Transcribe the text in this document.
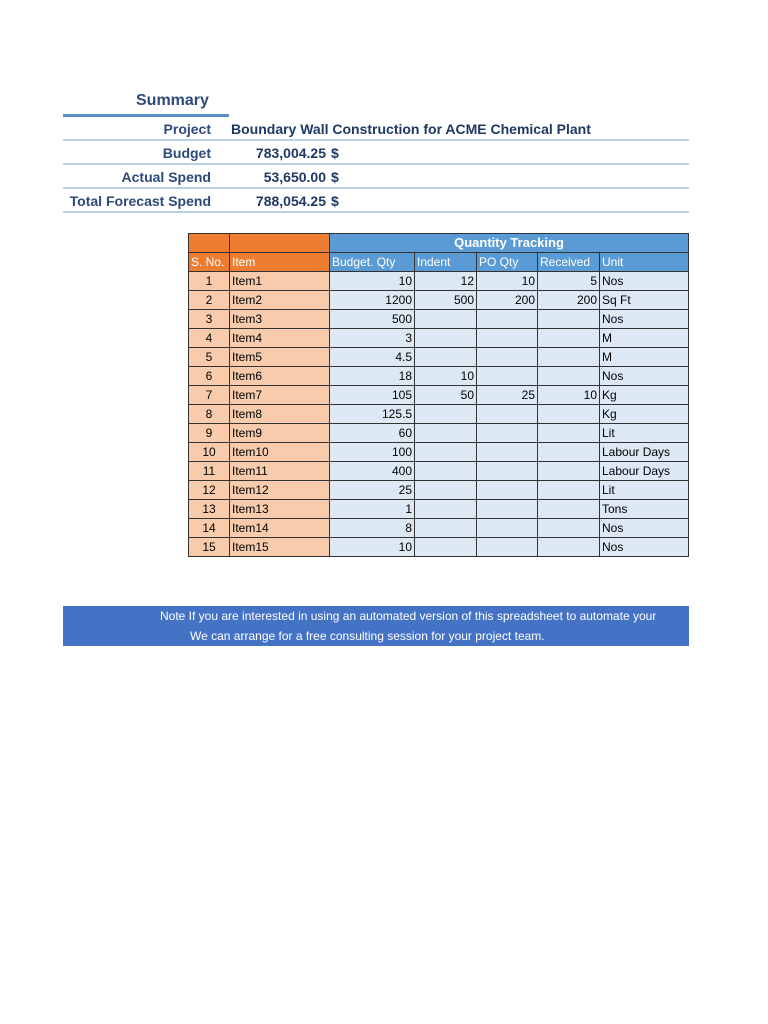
Summary
Project Boundary Wall Construction for ACME Chemical Plant
Budget	783,004.25 $
Actual Spend	53,650.00 $
Total Forecast Spend	788,054.25 $
		Quantity Tracking				
S. No.	Item	Budget. Qty	Indent	PO Qty	Received	Unit
1	Item1	10	12	10	5	Nos
2	Item2	1200	500	200	200	Sq Ft
3	Item3	500				Nos
4	Item4	3				M
5	Item5	4.5				M
6	Item6	18	10			Nos
7	Item7	105	50	25	10	Kg
8	Item8	125.5				Kg
9	Item9	60				Lit
10	Item10	100				Labour Days
11	Item11	400				Labour Days
12	Item12	25				Lit
13	Item13	1				Tons
14	Item14	8				Nos
15	Item15	10				Nos
Note If you are interested in using an automated version of this spreadsheet to automate your
We can arrange for a free consulting session for your project team.
